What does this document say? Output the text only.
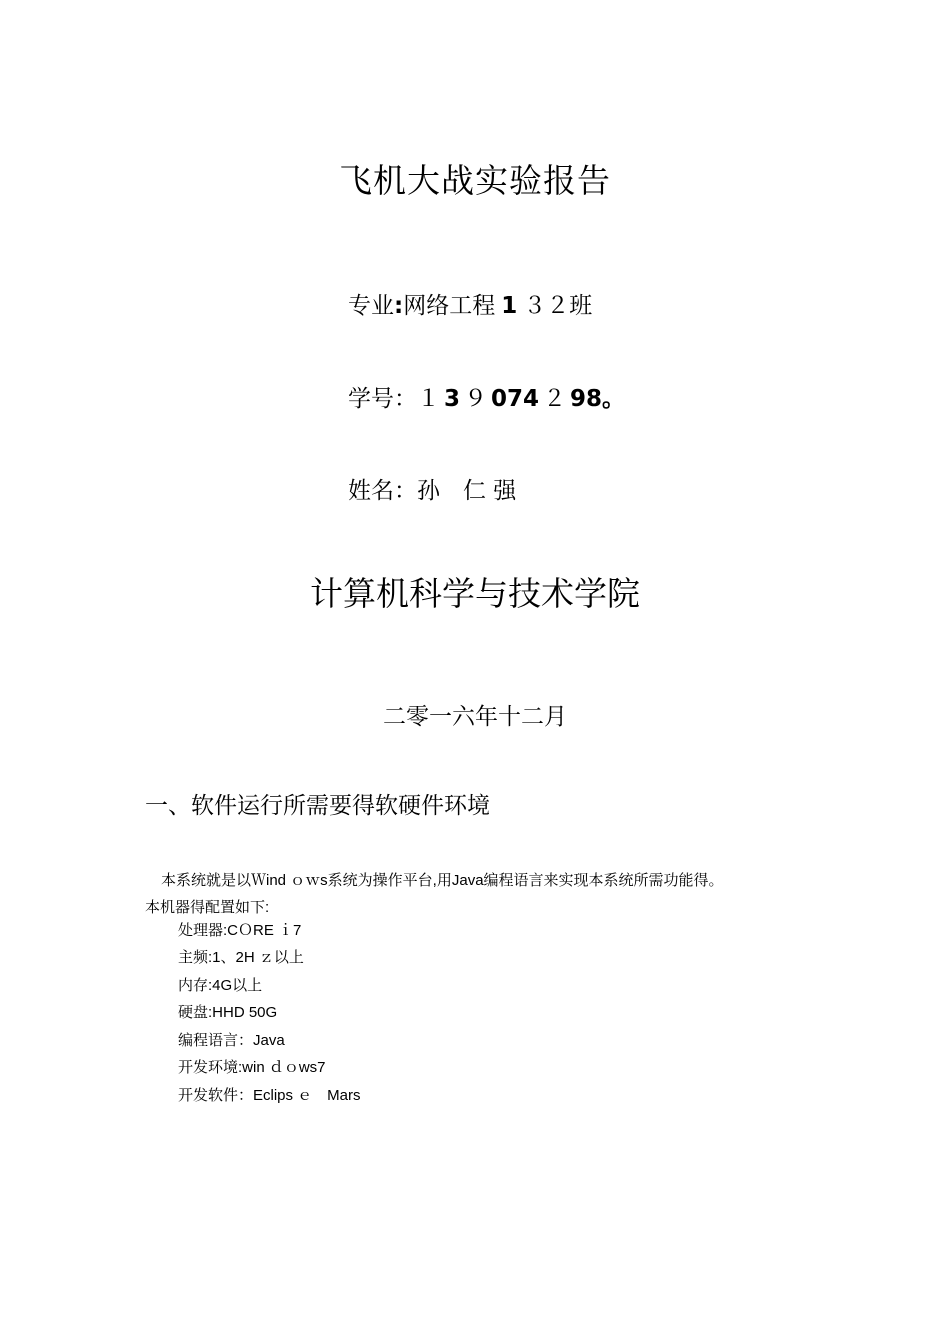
飞机大战实验报告
专业:网络工程 1 ３２班
学号：１ 3 ９ 074 ２ 98。
姓名：孙　仁 强
计算机科学与技术学院
二零一六年十二月
一、软件运行所需要得软硬件环境
本系统就是以Ｗind ｏｗs系统为操作平台,用Java编程语言来实现本系统所需功能得。
本机器得配置如下:
处理器:CＯRE ｉ7
主频:1、2H ｚ以上
内存:4G以上
硬盘:HHD 50G
编程语言：Java
开发环境:win ｄｏws7
开发软件：Eclips ｅ　Mars
